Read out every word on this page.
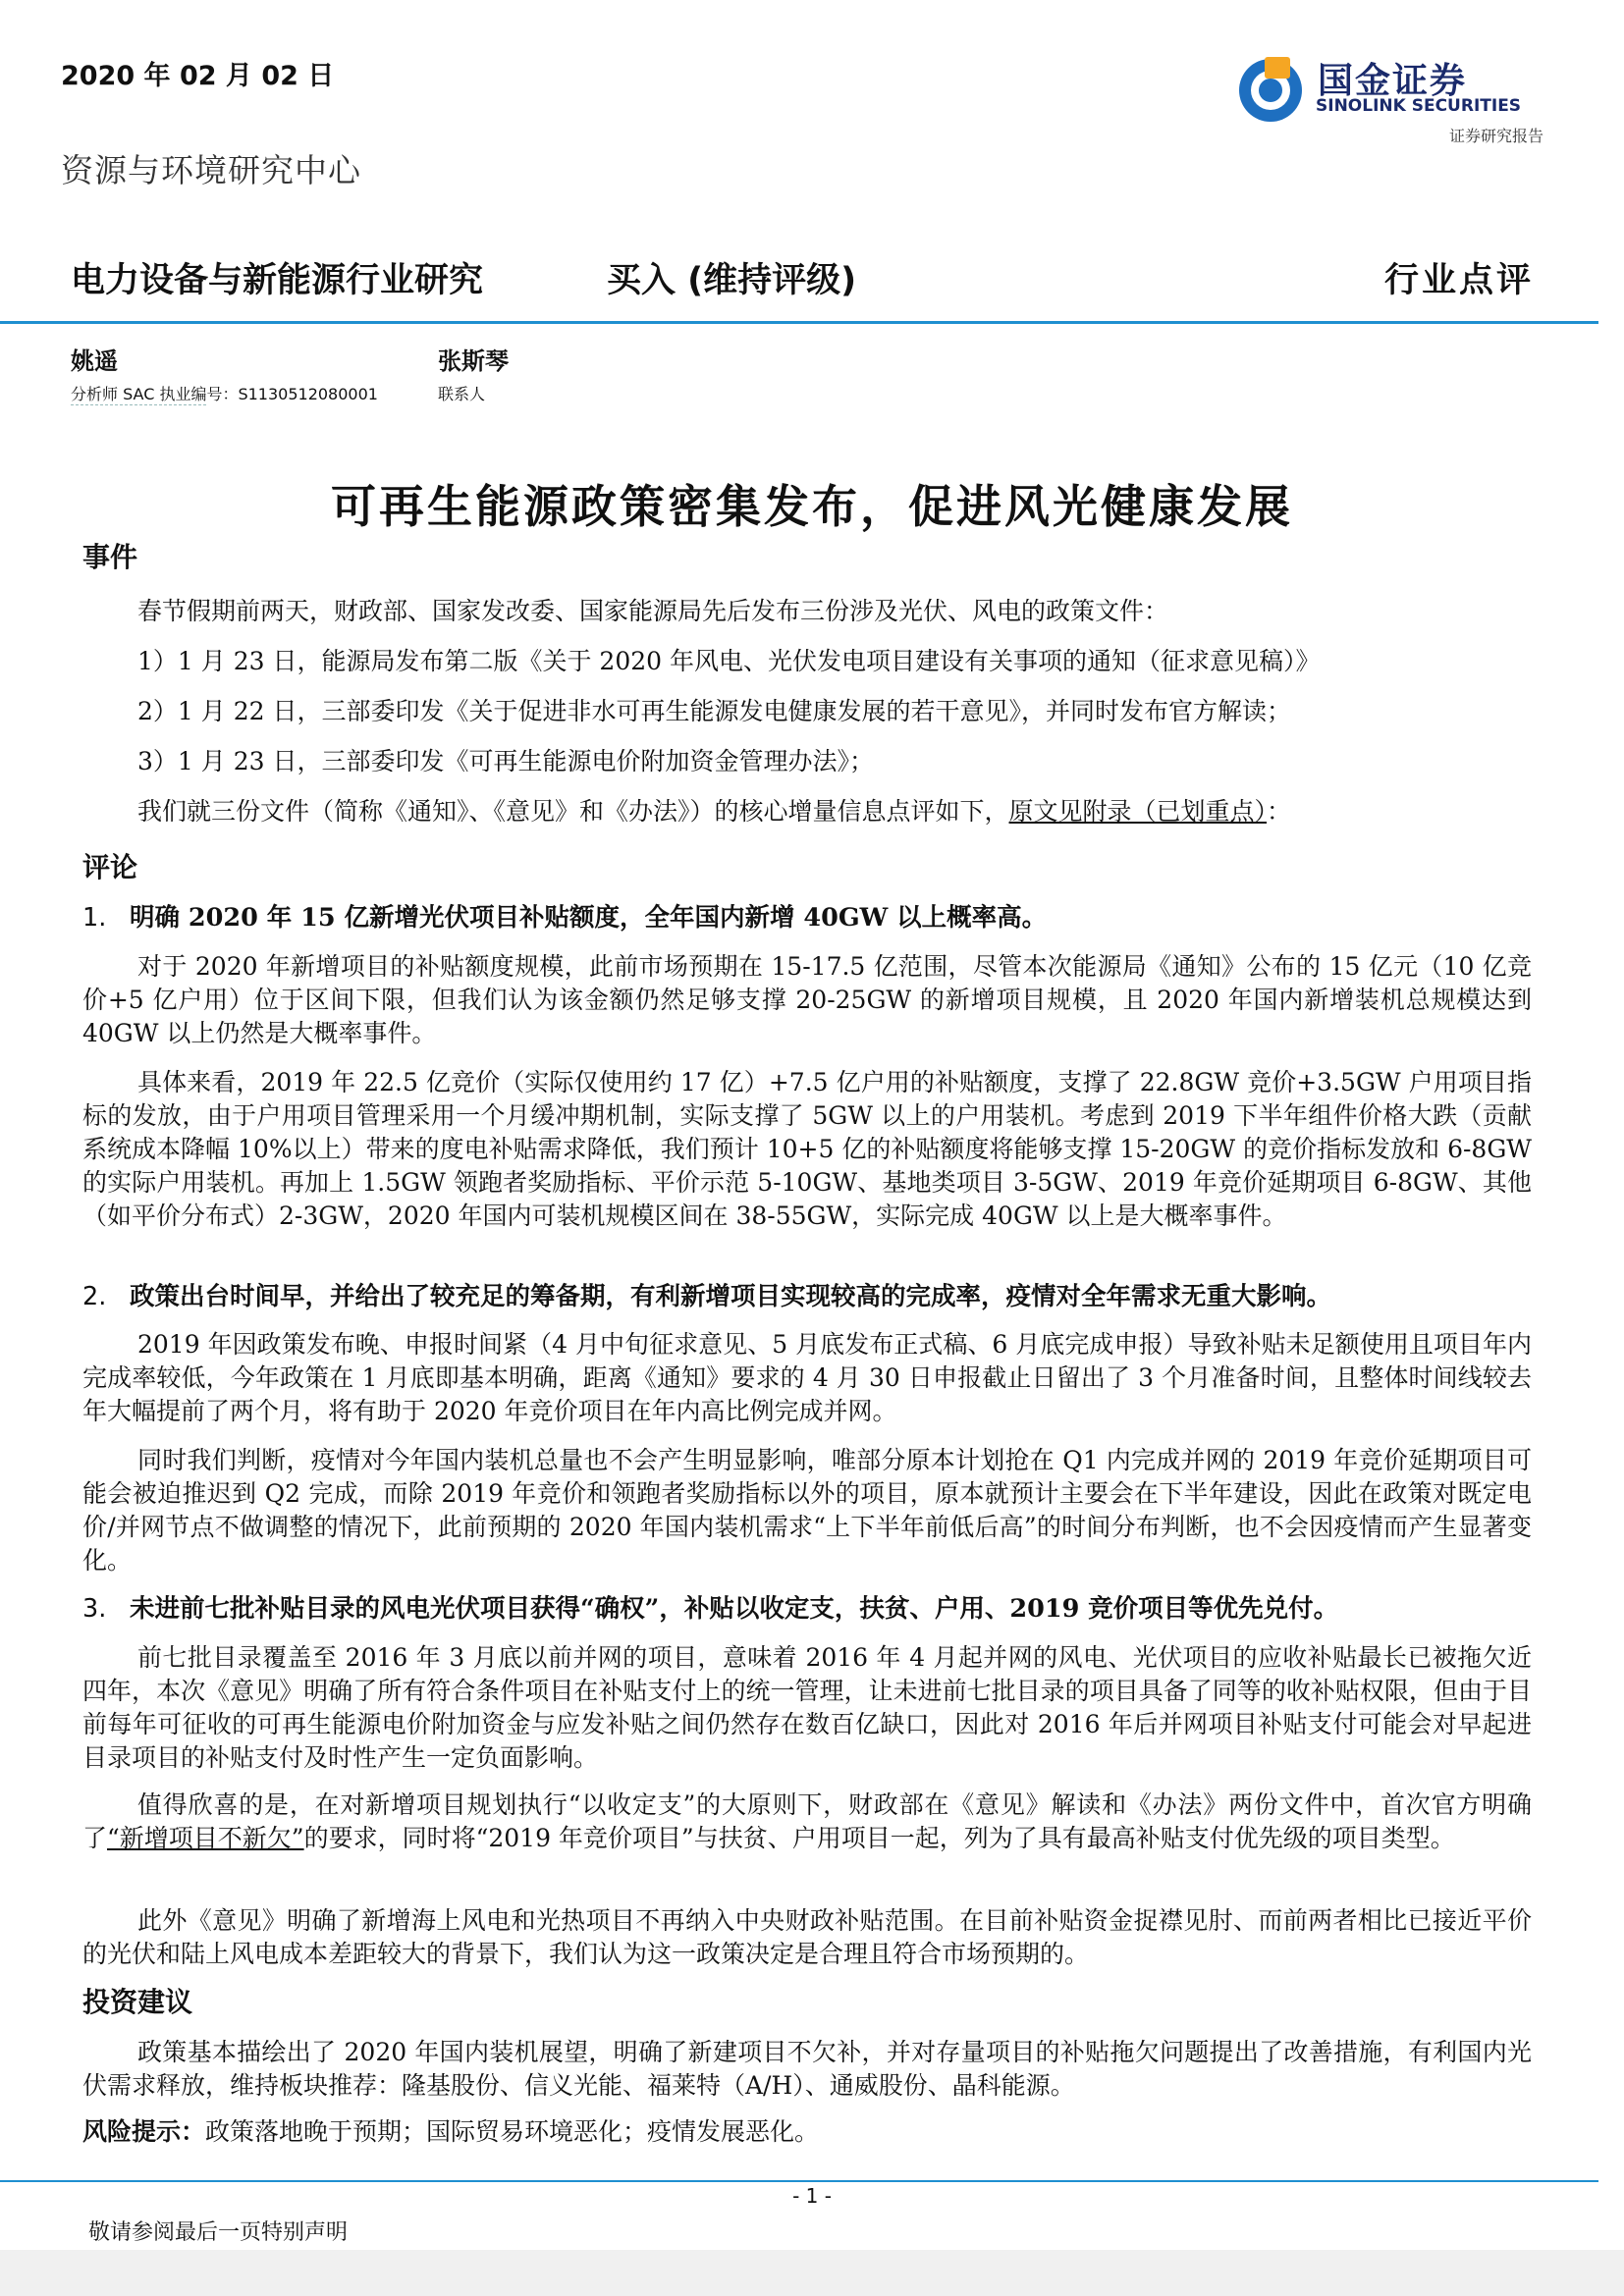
2020 年 02 月 02 日	国金证券
SINOLINK SECURITIES
证券研究报告
资源与环境研究中心
电力设备与新能源行业研究	买入 (维持评级)	行业点评
姚遥
分析师 SAC 执业编号：S1130512080001
张斯琴
联系人
可再生能源政策密集发布，促进风光健康发展
事件
春节假期前两天，财政部、国家发改委、国家能源局先后发布三份涉及光伏、风电的政策文件：
1）1 月 23 日，能源局发布第二版《关于 2020 年风电、光伏发电项目建设有关事项的通知（征求意见稿）》
2）1 月 22 日，三部委印发《关于促进非水可再生能源发电健康发展的若干意见》，并同时发布官方解读；
3）1 月 23 日，三部委印发《可再生能源电价附加资金管理办法》；
我们就三份文件（简称《通知》、《意见》和《办法》）的核心增量信息点评如下，原文见附录（已划重点）：
评论
1. 明确 2020 年 15 亿新增光伏项目补贴额度，全年国内新增 40GW 以上概率高。
对于 2020 年新增项目的补贴额度规模，此前市场预期在 15-17.5 亿范围，尽管本次能源局《通知》公布的 15 亿元（10 亿竞价+5 亿户用）位于区间下限，但我们认为该金额仍然足够支撑 20-25GW 的新增项目规模，且 2020 年国内新增装机总规模达到 40GW 以上仍然是大概率事件。
具体来看，2019 年 22.5 亿竞价（实际仅使用约 17 亿）+7.5 亿户用的补贴额度，支撑了 22.8GW 竞价+3.5GW 户用项目指标的发放，由于户用项目管理采用一个月缓冲期机制，实际支撑了 5GW 以上的户用装机。考虑到 2019 下半年组件价格大跌（贡献系统成本降幅 10%以上）带来的度电补贴需求降低，我们预计 10+5 亿的补贴额度将能够支撑 15-20GW 的竞价指标发放和 6-8GW 的实际户用装机。再加上 1.5GW 领跑者奖励指标、平价示范 5-10GW、基地类项目 3-5GW、2019 年竞价延期项目 6-8GW、其他（如平价分布式）2-3GW，2020 年国内可装机规模区间在 38-55GW，实际完成 40GW 以上是大概率事件。
2. 政策出台时间早，并给出了较充足的筹备期，有利新增项目实现较高的完成率，疫情对全年需求无重大影响。
2019 年因政策发布晚、申报时间紧（4 月中旬征求意见、5 月底发布正式稿、6 月底完成申报）导致补贴未足额使用且项目年内完成率较低，今年政策在 1 月底即基本明确，距离《通知》要求的 4 月 30 日申报截止日留出了 3 个月准备时间，且整体时间线较去年大幅提前了两个月，将有助于 2020 年竞价项目在年内高比例完成并网。
同时我们判断，疫情对今年国内装机总量也不会产生明显影响，唯部分原本计划抢在 Q1 内完成并网的 2019 年竞价延期项目可能会被迫推迟到 Q2 完成，而除 2019 年竞价和领跑者奖励指标以外的项目，原本就预计主要会在下半年建设，因此在政策对既定电价/并网节点不做调整的情况下，此前预期的 2020 年国内装机需求“上下半年前低后高”的时间分布判断，也不会因疫情而产生显著变化。
3. 未进前七批补贴目录的风电光伏项目获得“确权”，补贴以收定支，扶贫、户用、2019 竞价项目等优先兑付。
前七批目录覆盖至 2016 年 3 月底以前并网的项目，意味着 2016 年 4 月起并网的风电、光伏项目的应收补贴最长已被拖欠近四年，本次《意见》明确了所有符合条件项目在补贴支付上的统一管理，让未进前七批目录的项目具备了同等的收补贴权限，但由于目前每年可征收的可再生能源电价附加资金与应发补贴之间仍然存在数百亿缺口，因此对 2016 年后并网项目补贴支付可能会对早起进目录项目的补贴支付及时性产生一定负面影响。
值得欣喜的是，在对新增项目规划执行“以收定支”的大原则下，财政部在《意见》解读和《办法》两份文件中，首次官方明确了“新增项目不新欠”的要求，同时将“2019 年竞价项目”与扶贫、户用项目一起，列为了具有最高补贴支付优先级的项目类型。
此外《意见》明确了新增海上风电和光热项目不再纳入中央财政补贴范围。在目前补贴资金捉襟见肘、而前两者相比已接近平价的光伏和陆上风电成本差距较大的背景下，我们认为这一政策决定是合理且符合市场预期的。
投资建议
政策基本描绘出了 2020 年国内装机展望，明确了新建项目不欠补，并对存量项目的补贴拖欠问题提出了改善措施，有利国内光伏需求释放，维持板块推荐：隆基股份、信义光能、福莱特（A/H）、通威股份、晶科能源。
风险提示：政策落地晚于预期；国际贸易环境恶化；疫情发展恶化。
- 1 -
敬请参阅最后一页特别声明
